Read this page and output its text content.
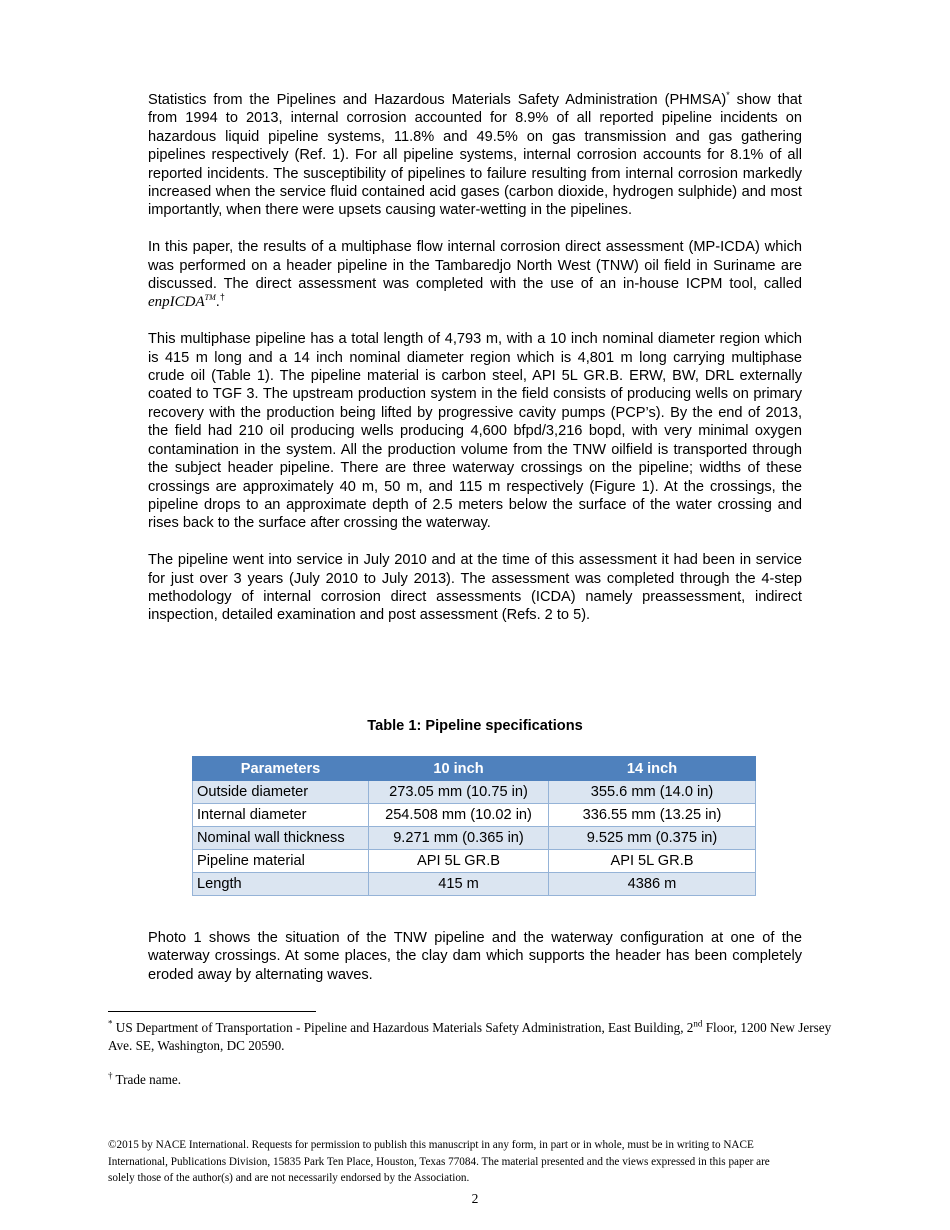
Statistics from the Pipelines and Hazardous Materials Safety Administration (PHMSA)* show that from 1994 to 2013, internal corrosion accounted for 8.9% of all reported pipeline incidents on hazardous liquid pipeline systems, 11.8% and 49.5% on gas transmission and gas gathering pipelines respectively (Ref. 1). For all pipeline systems, internal corrosion accounts for 8.1% of all reported incidents. The susceptibility of pipelines to failure resulting from internal corrosion markedly increased when the service fluid contained acid gases (carbon dioxide, hydrogen sulphide) and most importantly, when there were upsets causing water-wetting in the pipelines.

In this paper, the results of a multiphase flow internal corrosion direct assessment (MP-ICDA) which was performed on a header pipeline in the Tambaredjo North West (TNW) oil field in Suriname are discussed. The direct assessment was completed with the use of an in-house ICPM tool, called enpICDA™.†

This multiphase pipeline has a total length of 4,793 m, with a 10 inch nominal diameter region which is 415 m long and a 14 inch nominal diameter region which is 4,801 m long carrying multiphase crude oil (Table 1). The pipeline material is carbon steel, API 5L GR.B. ERW, BW, DRL externally coated to TGF 3. The upstream production system in the field consists of producing wells on primary recovery with the production being lifted by progressive cavity pumps (PCP’s). By the end of 2013, the field had 210 oil producing wells producing 4,600 bfpd/3,216 bopd, with very minimal oxygen contamination in the system. All the production volume from the TNW oilfield is transported through the subject header pipeline. There are three waterway crossings on the pipeline; widths of these crossings are approximately 40 m, 50 m, and 115 m respectively (Figure 1). At the crossings, the pipeline drops to an approximate depth of 2.5 meters below the surface of the water crossing and rises back to the surface after crossing the waterway.

The pipeline went into service in July 2010 and at the time of this assessment it had been in service for just over 3 years (July 2010 to July 2013). The assessment was completed through the 4-step methodology of internal corrosion direct assessments (ICDA) namely preassessment, indirect inspection, detailed examination and post assessment (Refs. 2 to 5).

Table 1: Pipeline specifications
Parameters	10 inch	14 inch
Outside diameter	273.05 mm (10.75 in)	355.6 mm (14.0 in)
Internal diameter	254.508 mm (10.02 in)	336.55 mm (13.25 in)
Nominal wall thickness	9.271 mm (0.365 in)	9.525 mm (0.375 in)
Pipeline material	API 5L GR.B	API 5L GR.B
Length	415 m	4386 m

Photo 1 shows the situation of the TNW pipeline and the waterway configuration at one of the waterway crossings. At some places, the clay dam which supports the header has been completely eroded away by alternating waves.

* US Department of Transportation - Pipeline and Hazardous Materials Safety Administration, East Building, 2nd Floor, 1200 New Jersey Ave. SE, Washington, DC 20590.
† Trade name.
©2015 by NACE International. Requests for permission to publish this manuscript in any form, in part or in whole, must be in writing to NACE International, Publications Division, 15835 Park Ten Place, Houston, Texas 77084. The material presented and the views expressed in this paper are solely those of the author(s) and are not necessarily endorsed by the Association.
2
